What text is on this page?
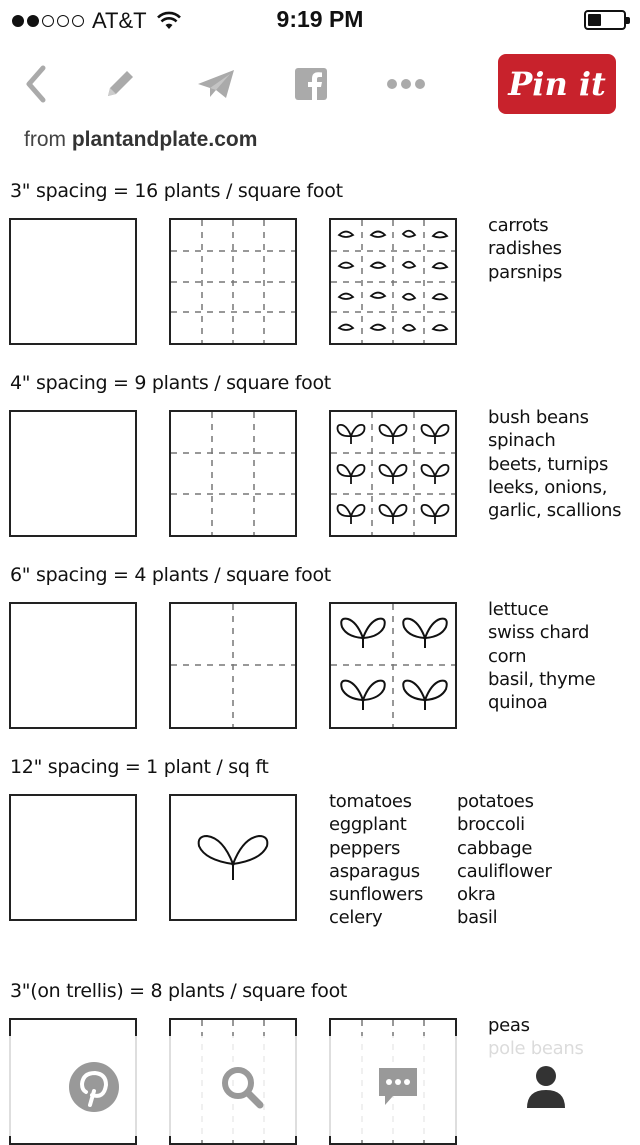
AT&T	9:19 PM
Pin it
from plantandplate.com
3" spacing = 16 plants / square foot
carrots
radishes
parsnips
4" spacing = 9 plants / square foot
bush beans
spinach
beets, turnips
leeks, onions,
garlic, scallions
6" spacing = 4 plants / square foot
lettuce
swiss chard
corn
basil, thyme
quinoa
12" spacing = 1 plant / sq ft
tomatoes
eggplant
peppers
asparagus
sunflowers
celery
potatoes
broccoli
cabbage
cauliflower
okra
basil
3"(on trellis) = 8 plants / square foot
peas
